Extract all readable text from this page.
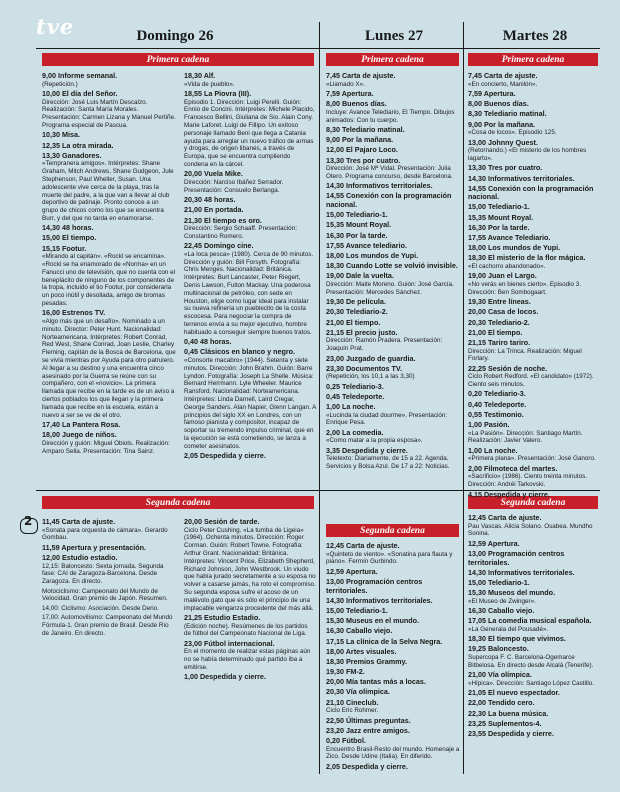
tve	Domingo 26	Lunes 27	Martes 28
Primera cadena	Primera cadena	Primera cadena
Segunda cadena
Segunda cadena
Segunda cadena
9,00 Informe semanal.
(Repetición.)
10,00 El día del Señor.
Dirección: José Luis Martín Descalzo. Realización: Santa María Morales. Presentación: Carmen Lizana y Manuel Pertiñe. Programa especial de Pascua.
10,30 Misa.
12,35 La otra mirada.
13,30 Ganadores.
«Tempranera amigos». Intérpretes: Shane Graham, Mitch Andrews, Shane Gudgeon, Jule Stephenson, Paul Wheller, Susan. Una adolescente vive cerca de la playa, tras la muerte del padre, a la que van a llevar al club deportivo de patinaje. Pronto conoce a un grupo de chicos como los que se encuentra Burr, y del que no tarda en enamorarse.
14,30 48 horas.
15,00 El tiempo.
15,15 Footur.
«Mirando al capitán». «Rockl se encamina». «Rockl se ha enamorado de «Norma» en un Fanucci uno de televisión, que no cuenta con el beneplácito de ninguno de los componentes de la tropa, incluido el tio Footur, por considerarla un poco inútil y desollada, amigo de bromas pesadas.
16,00 Estrenos TV.
«Algo más que un desafío». Nominado a un minuto. Director: Peter Hunt. Nacionalidad: Norteamericana. Intérpretes: Robert Conrad, Red West, Shane Conrad, Joan Leslie, Charley Fleming, capitán de la Bosca de Barcelona, que se vivía mientras por Ayuda para otro patrulero. Al llegar a su destino y una encuentra cinco asesinado por la Guerra se reúne con su compañero, con el «novicio». La primera llamada que recibe en la tarde es de un aviso a ciertos poblados los que llegan y la primera llamada que recibe en la escuela, están a nuevo a ser se ve de el otro.
17,40 La Pantera Rosa.
18,00 Juego de niños.
Dirección y guión: Miguel Obiols. Realización: Amparo Sella. Presentación: Tina Sainz.
18,30 Alf.
«Vida de pueblo».
18,55 La Piovra (III).
Episodio 1. Dirección: Luigi Perelli. Guión: Ennio de Concini. Intérpretes: Michele Placido, Francesco Bellini, Giuliana de Sio. Alain Cony. Marie Laforet. Luigi de Fillipo. Un exitoso personaje llamado Beni que llega a Catania ayuda para arreglar un nuevo tráfico de armas y drogas, de origen libanés, a través de Europa, que se encuentra cumpliendo condena en la cárcel.
20,00 Vuela Mike.
Dirección: Narciso Ibáñez Serrador. Presentación: Consuelo Berlanga.
20,30 48 horas.
21,00 En portada.
21,30 El tiempo es oro.
Dirección: Sergio Schaaff. Presentación: Constantino Romero.
22,45 Domingo cine.
«La loca pesca» (1980). Cerca de 90 minutos. Dirección y guión: Bill Forsyth. Fotografía: Chris Menges. Nacionalidad: Británica. Intérpretes: Burt Lancaster, Peter Riegert, Denis Lawson, Fulton Mackay. Una poderosa multinacional de petróleo, con sede en Houston, elige como lugar ideal para instalar su nueva refinería un pueblecito de la costa escocesa. Para negociar la compra de terrenos envía a su mejor ejecutivo, hombre habituado a conseguir siempre buenos tratos.
0,40 48 horas.
0,45 Clásicos en blanco y negro.
«Consorte macabro» (1944). Setenta y siete minutos. Dirección: John Brahm. Guión: Barre Lyndon. Fotografía: Joseph La Shelle. Música: Bernard Herrmann. Lyle Wheeler. Maurice Ransford. Nacionalidad: Norteamericana. Intérpretes: Linda Darnell, Laird Cregar, George Sanders. Alan Napier, Glenn Langan. A principios del siglo XX en Londres, con un famoso pianista y compositor, incapaz de soportar su tremendo impulso criminal, que en la ejecución se está cometiendo, se lanza a cometer asesinatos.
2,05 Despedida y cierre.
7,45 Carta de ajuste.
«Llamado X».
7,59 Apertura.
8,00 Buenos días.
Incluye: Avance Telediario, El Tiempo. Dibujos animados: Con tu cuerpo.
8,30 Telediario matinal.
9,00 Por la mañana.
12,00 El Pajaro Loco.
13,30 Tres por cuatro.
Dirección: José Mª Vidal. Presentación: Julia Otero. Programa concurso, desde Barcelona.
14,30 Informativos territoriales.
14,55 Conexión con la programación nacional.
15,00 Telediario-1.
15,35 Mount Royal.
16,30 Por la tarde.
17,55 Avance telediario.
18,00 Los mundos de Yupi.
18,30 Cuando Lotte se volvió invisible.
19,00 Dale la vuelta.
Dirección: Maite Moreno. Guión: José García. Presentación: Mercedes Sánchez.
19,30 De película.
20,30 Telediario-2.
21,00 El tiempo.
21,15 El precio justo.
Dirección: Ramón Pradera. Presentación: Joaquín Prat.
23,00 Juzgado de guardia.
23,30 Documentos TV.
(Repetición, los 10,1 a las 3,30)
0,25 Telediario-3.
0,45 Teledeporte.
1,00 La noche.
«Lucinda la ciudad dourme». Presentación: Enrique Pesa.
2,00 La comedia.
«Como matar a la propia esposa».
3,35 Despedida y cierre.
Teletexto: Diariamente, de 15 a 22. Agenda. Servicios y Bolsa Azul. De 17 a 22: Noticias.
7,45 Carta de ajuste.
«En concierto, Manilón».
7,59 Apertura.
8,00 Buenos días.
8,30 Telediario matinal.
9,00 Por la mañana.
«Cosa de locos». Episodio 125.
13,00 Johnny Quest.
(Retornando.) «El misterio de los hombres lagarto».
13,30 Tres por cuatro.
14,30 Informativos territoriales.
14,55 Conexión con la programación nacional.
15,00 Telediario-1.
15,35 Mount Royal.
16,30 Por la tarde.
17,55 Avance Telediario.
18,00 Los mundos de Yupi.
18,30 El misterio de la flor mágica.
«El cachorro abandonado».
19,00 Juan el Largo.
«No verás en bienes cierto». Episodio 3. Dirección: Ben Sombogaart.
19,30 Entre líneas.
20,00 Casa de locos.
20,30 Telediario-2.
21,00 El tiempo.
21,15 Tariro tariro.
Dirección: La Trinca. Realización: Miguel Forlary.
22,25 Sesión de noche.
Ciclo Robert Redford. «El candidato» (1972). Ciento seis minutos.
0,20 Telediario-3.
0,40 Teledeporte.
0,55 Testimonio.
1,00 Pasión.
«La Pasión». Dirección: Santiago Martín. Realización: Javier Valero.
1,00 La noche.
«Primera plana». Presentación: José Ganoro.
2,00 Filmoteca del martes.
«Sacrificio» (1986). Ciento treinta minutos. Dirección: Andréi Tarkovski.
4,15 Despedida y cierre.
2
11,45 Carta de ajuste.
«Sonata para orquesta de cámara». Gerardo Gombau.
11,59 Apertura y presentación.
12,00 Estudio estadio.
12,15: Baloncesto: Sexta jornada. Segunda fase: CAI de Zaragoza-Barcelona. Desde Zaragoza. En directo.
Motociclismo: Campeonato del Mundo de Velocidad. Gran premio de Japón. Resumen.
14,00: Ciclismo: Asociación. Desde Derio.
17,00: Automovilismo: Campeonato del Mundo Fórmula-1. Gran premio de Brasil. Desde Río de Janeiro. En directo.
20,00 Sesión de tarde.
Ciclo Peter Cushing. «La tumba de Ligeia» (1964). Ochenta minutos. Dirección: Roger Corman. Guión: Robert Towne. Fotografía: Arthur Grant. Nacionalidad: Británica. Intérpretes: Vincent Price, Elizabeth Shepherd, Richard Johnson, John Westbrook. Un viudo que había jurado secretamente a su esposa no volver a casarse jamás, ha roto el compromiso. Su segunda esposa sufre el acoso de un malévolo gato que es sólo el principio de una implacable venganza procedente del más allá.
21,25 Estudio Estadio.
(Edición noche). Resúmenes de los partidos de fútbol del Campeonato Nacional de Liga.
23,00 Fútbol internacional.
En el momento de realizar estas páginas aún no se había determinado qué partido iba a emitirse.
1,00 Despedida y cierre.
12,45 Carta de ajuste.
«Quinteto de viento». «Sonatina para flauta y piano». Fermín Gurbindo.
12,59 Apertura.
13,00 Programación centros territoriales.
14,30 Informativos territoriales.
15,00 Telediario-1.
15,30 Museus en el mundo.
16,30 Caballo viejo.
17,15 La clínica de la Selva Negra.
18,00 Artes visuales.
18,30 Premios Grammy.
19,30 FM-2.
20,00 Mía tantas más a locas.
20,30 Vía olímpica.
21,10 Cineclub.
Ciclo Eric Rohmer.
22,50 Últimas preguntas.
23,20 Jazz entre amigos.
0,20 Fútbol.
Encuentro Brasil-Resto del mundo. Homenaje a Zico. Desde Udine (Italia). En diferido.
2,05 Despedida y cierre.
12,45 Carta de ajuste.
Pau Vascas. Alicia Solano. Osabea. Mundho Sonina.
12,59 Apertura.
13,00 Programación centros territoriales.
14,30 Informativos territoriales.
15,00 Telediario-1.
15,30 Museos del mundo.
«El Museo de Zwinger».
16,30 Caballo viejo.
17,05 La comedia musical española.
«La Generala del Pousadé».
18,30 El tiempo que vivimos.
19,25 Baloncesto.
Supercopa F. C. Barcelona-Ogemarce Bitbelosa. En directo desde Alcalá (Tenerife).
21,00 Vía olímpica.
«Hípica». Dirección: Santiago López Castillo.
21,05 El nuevo espectador.
22,00 Tendido cero.
22,30 La buena música.
23,25 Suplementos-4.
23,55 Despedida y cierre.
